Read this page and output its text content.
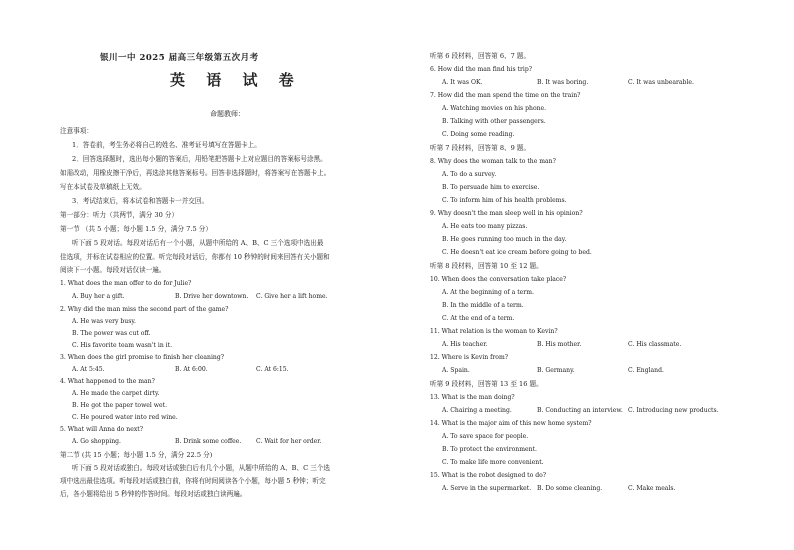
银川一中 2025 届高三年级第五次月考
英 语 试 卷
命题教师：
注意事项：
1．答卷前，考生务必将自己的姓名、准考证号填写在答题卡上。
2．回答选择题时，选出每小题的答案后，用铅笔把答题卡上对应题目的答案标号涂黑。
如需改动，用橡皮擦干净后，再选涂其他答案标号。回答非选择题时，将答案写在答题卡上。
写在本试卷及草稿纸上无效。
3．考试结束后，将本试卷和答题卡一并交回。
第一部分：听力（共两节，满分 30 分）
第一节 （共 5 小题；每小题 1.5 分，满分 7.5 分）
听下面 5 段对话。每段对话后有一个小题，从题中所给的 A、B、C 三个选项中选出最
佳选项，并标在试卷相应的位置。听完每段对话后，你都有 10 秒钟的时间来回答有关小题和
阅读下一小题。每段对话仅读一遍。
1. What does the man offer to do for Julie?
A. Buy her a gift.	B. Drive her downtown. C. Give her a lift home.
2. Why did the man miss the second part of the game?
A. He was very busy.
B. The power was cut off.
C. His favorite team wasn't in it.
3. When does the girl promise to finish her cleaning?
A. At 5:45.	B. At 6:00.	C. At 6:15.
4. What happened to the man?
A. He made the carpet dirty.
B. He got the paper towel wet.
C. He poured water into red wine.
5. What will Anna do next?
A. Go shopping.	B. Drink some coffee. C. Wait for her order.
第二节 (共 15 小题；每小题 1.5 分，满分 22.5 分)
听下面 5 段对话或独白。每段对话或独白后有几个小题，从题中所给的 A、B、C 三个选
项中选出最佳选项。听每段对话或独白前，你将有时间阅读各个小题，每小题 5 秒钟；听完
后，各小题将给出 5 秒钟的作答时间。每段对话或独白读两遍。
听第 6 段材料，回答第 6、7 题。
6. How did the man find his trip?
A. It was OK.	B. It was boring.	C. It was unbearable.
7. How did the man spend the time on the train?
A. Watching movies on his phone.
B. Talking with other passengers.
C. Doing some reading.
听第 7 段材料，回答第 8、9 题。
8. Why does the woman talk to the man?
A. To do a survey.
B. To persuade him to exercise.
C. To inform him of his health problems.
9. Why doesn't the man sleep well in his opinion?
A. He eats too many pizzas.
B. He goes running too much in the day.
C. He doesn't eat ice cream before going to bed.
听第 8 段材料，回答第 10 至 12 题。
10. When does the conversation take place?
A. At the beginning of a term.
B. In the middle of a term.
C. At the end of a term.
11. What relation is the woman to Kevin?
A. His teacher.	B. His mother.	C. His classmate.
12. Where is Kevin from?
A. Spain.	B. Germany.	C. England.
听第 9 段材料，回答第 13 至 16 题。
13. What is the man doing?
A. Chairing a meeting.	B. Conducting an interview. C. Introducing new products.
14. What is the major aim of this new home system?
A. To save space for people.
B. To protect the environment.
C. To make life more convenient.
15. What is the robot designed to do?
A. Serve in the supermarket. B. Do some cleaning.	C. Make meals.
